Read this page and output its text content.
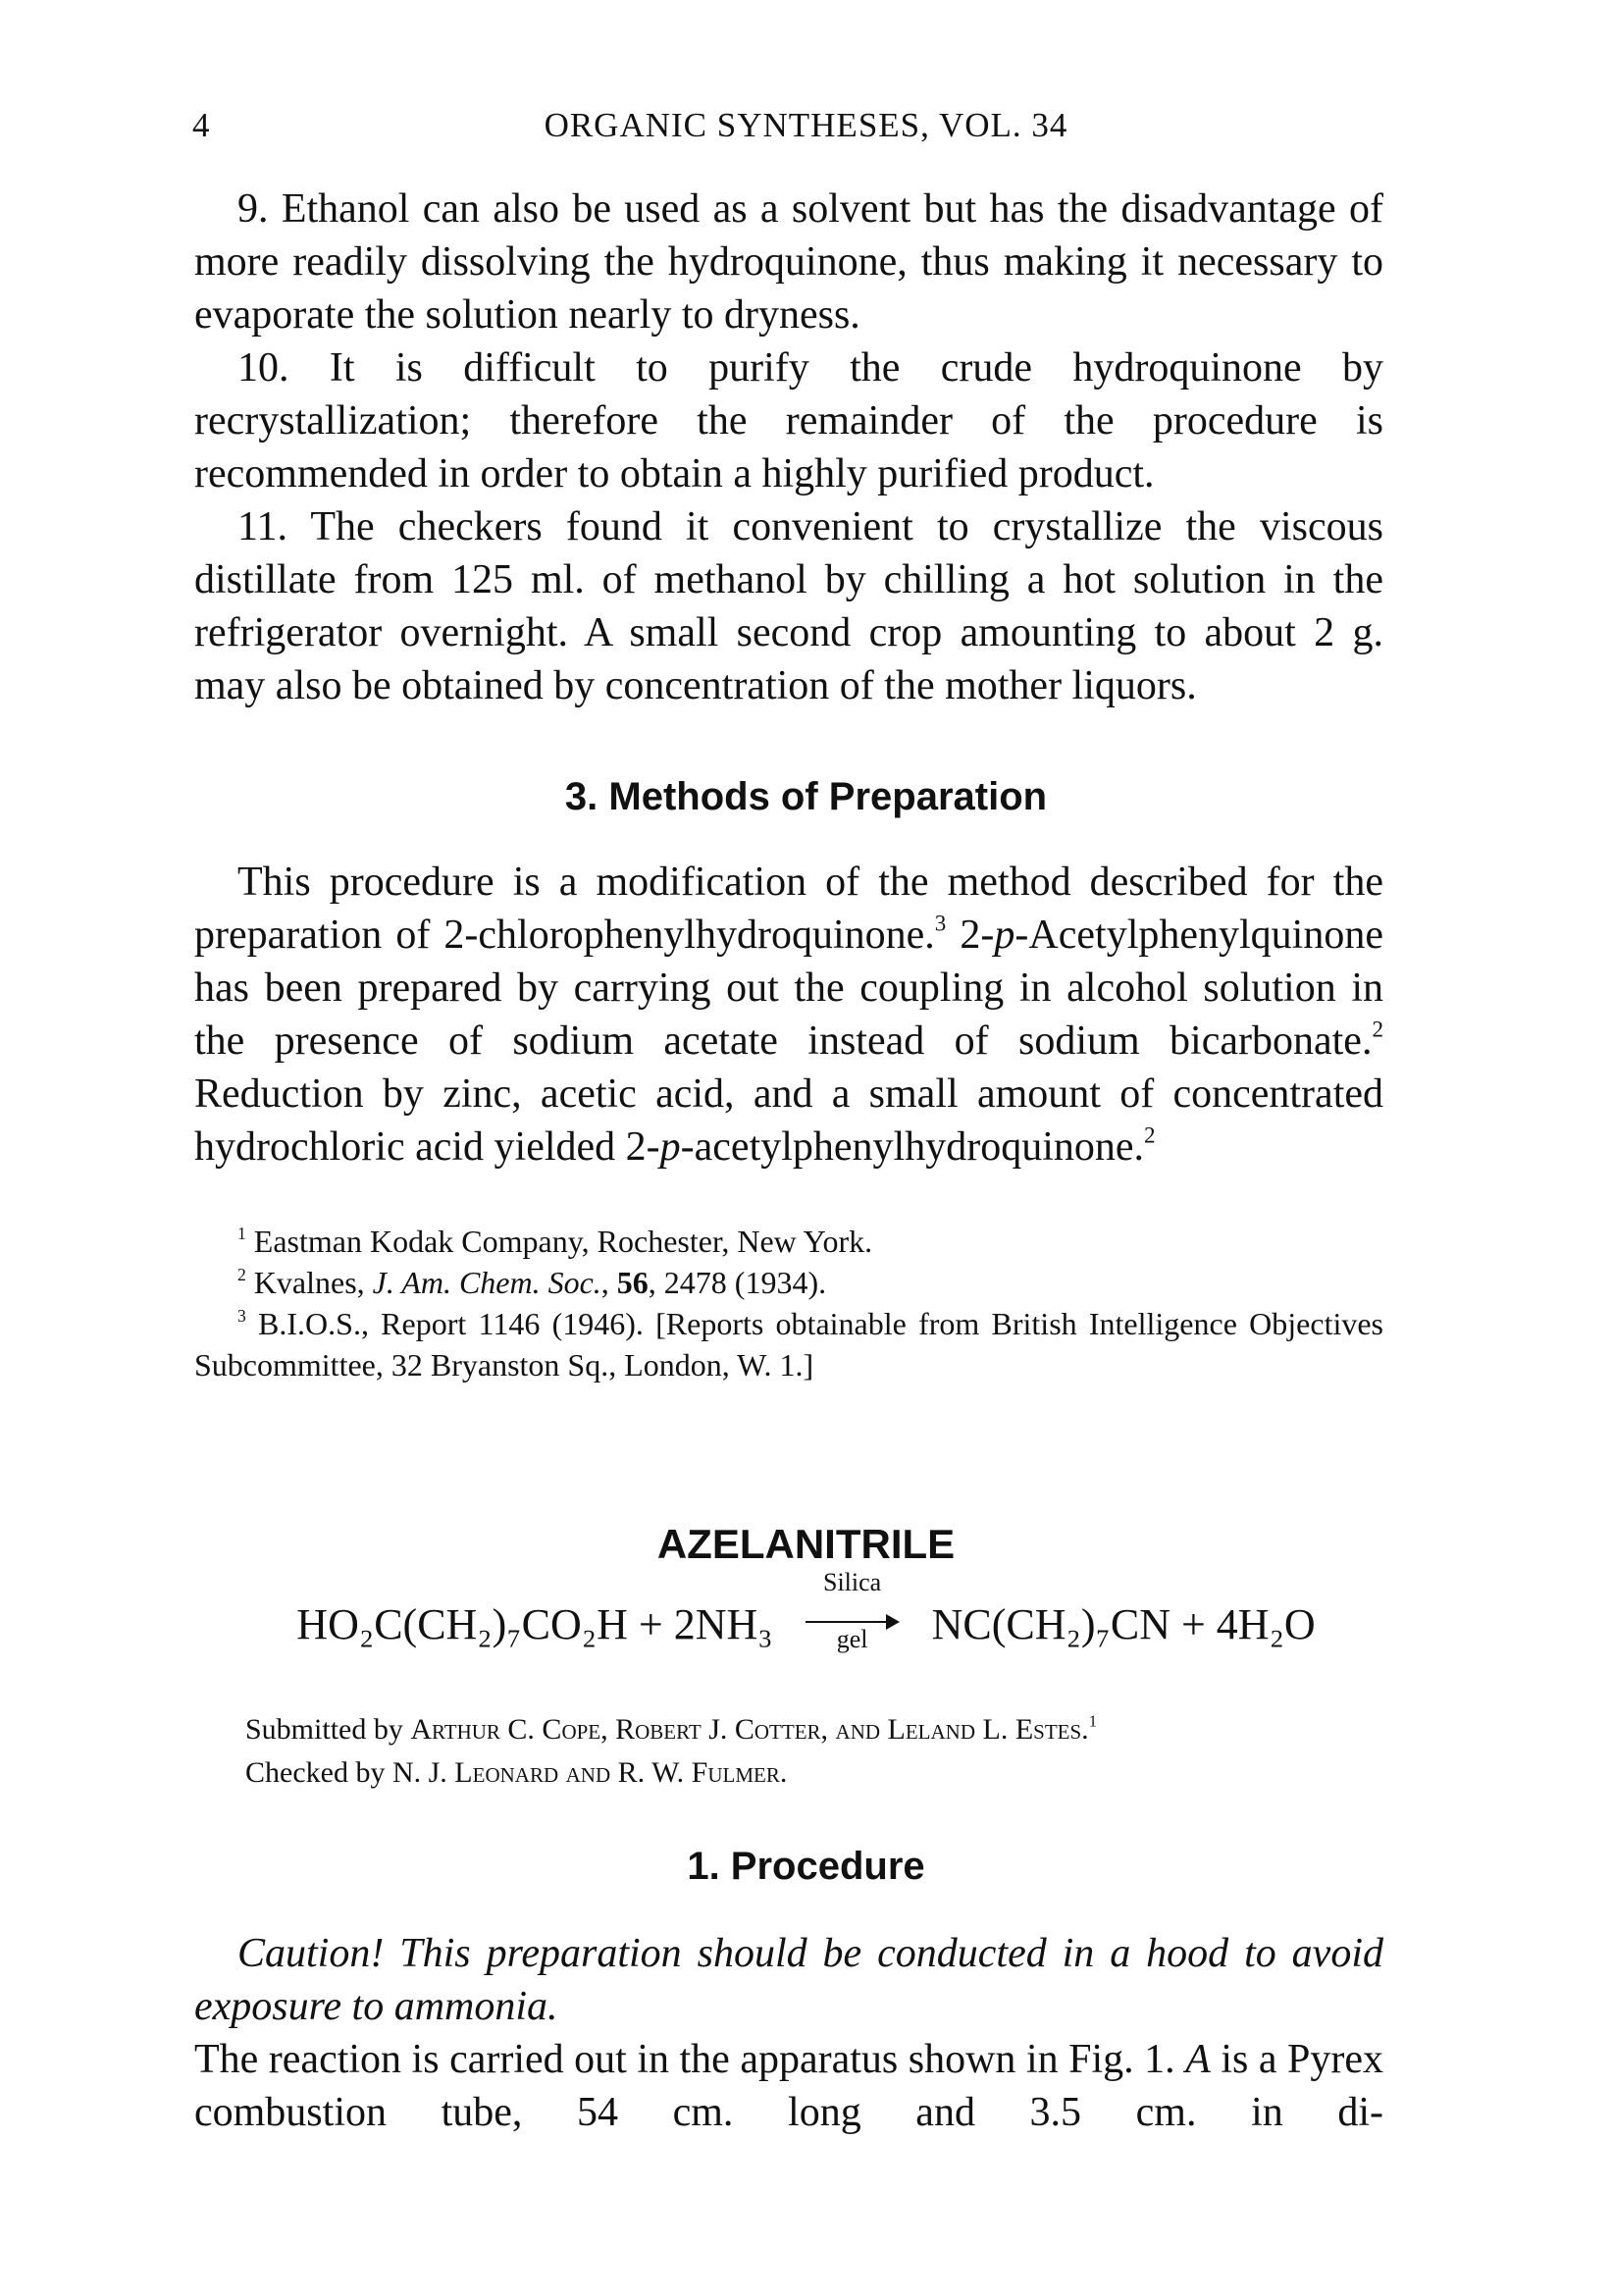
4	ORGANIC SYNTHESES, VOL. 34

9. Ethanol can also be used as a solvent but has the disadvantage of more readily dissolving the hydroquinone, thus making it necessary to evaporate the solution nearly to dryness.

10. It is difficult to purify the crude hydroquinone by recrystallization; therefore the remainder of the procedure is recommended in order to obtain a highly purified product.

11. The checkers found it convenient to crystallize the viscous distillate from 125 ml. of methanol by chilling a hot solution in the refrigerator overnight. A small second crop amounting to about 2 g. may also be obtained by concentration of the mother liquors.

3. Methods of Preparation

This procedure is a modification of the method described for the preparation of 2-chlorophenylhydroquinone.$^3$ 2-p-Acetylphenylquinone has been prepared by carrying out the coupling in alcohol solution in the presence of sodium acetate instead of sodium bicarbonate.$^2$ Reduction by zinc, acetic acid, and a small amount of concentrated hydrochloric acid yielded 2-p-acetylphenylhydroquinone.$^2$

$^1$ Eastman Kodak Company, Rochester, New York.

$^2$ Kvalnes, J. Am. Chem. Soc., 56, 2478 (1934).

$^3$ B.I.O.S., Report 1146 (1946). [Reports obtainable from British Intelligence Objectives Subcommittee, 32 Bryanston Sq., London, W. 1.]

AZELANITRILE
HO₂C(CH₂)₇CO₂H + 2NH₃
Silica
gel	NC(CH₂)₇CN + 4H₂O
Submitted by Arthur C. Cope, Robert J. Cotter, and Leland L. Estes.$^1$
Checked by N. J. Leonard and R. W. Fulmer.
1. Procedure

Caution! This preparation should be conducted in a hood to avoid exposure to ammonia.

The reaction is carried out in the apparatus shown in Fig. 1. A is a Pyrex combustion tube, 54 cm. long and 3.5 cm. in di-
